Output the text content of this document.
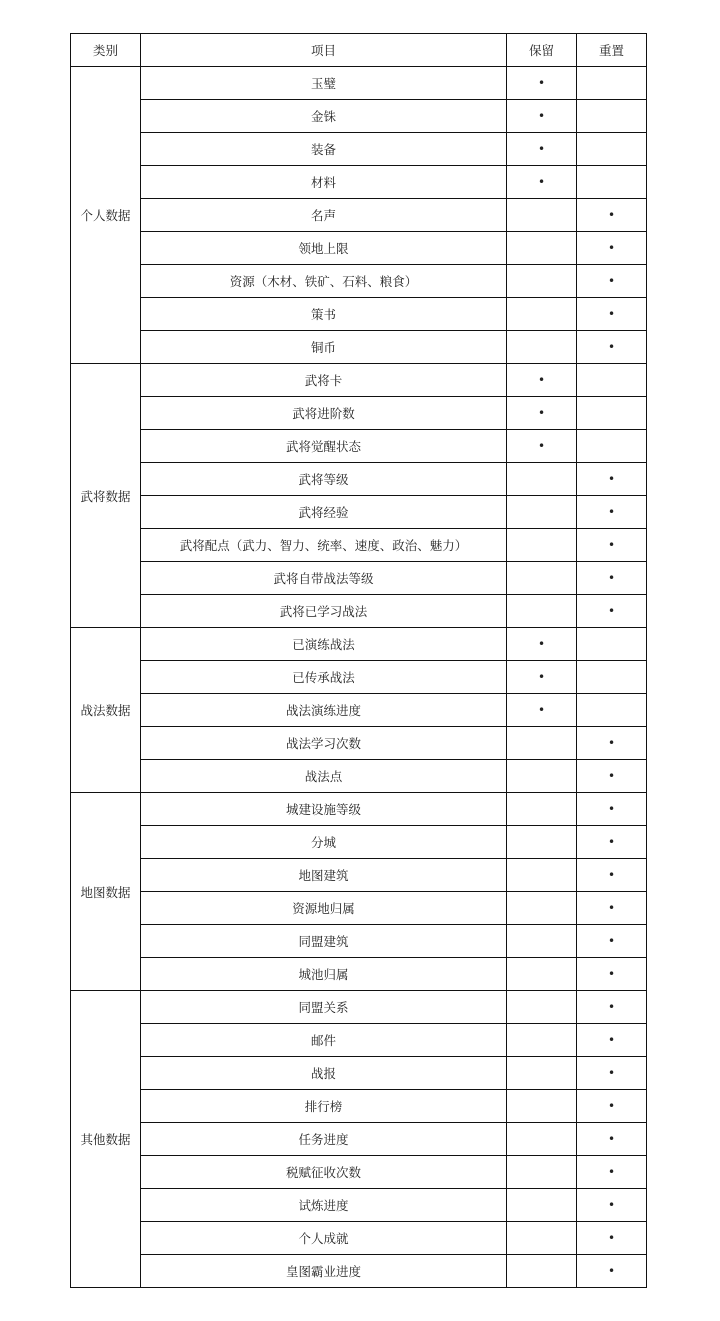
类别	项目	保留	重置
个人数据	玉璧	•	
	金铢	•	
	装备	•	
	材料	•	
	名声		•
	领地上限		•
	资源（木材、铁矿、石料、粮食）		•
	策书		•
	铜币		•
武将数据	武将卡	•	
	武将进阶数	•	
	武将觉醒状态	•	
	武将等级		•
	武将经验		•
	武将配点（武力、智力、统率、速度、政治、魅力）		•
	武将自带战法等级		•
	武将已学习战法		•
战法数据	已演练战法	•	
	已传承战法	•	
	战法演练进度	•	
	战法学习次数		•
	战法点		•
地图数据	城建设施等级		•
	分城		•
	地图建筑		•
	资源地归属		•
	同盟建筑		•
	城池归属		•
其他数据	同盟关系		•
	邮件		•
	战报		•
	排行榜		•
	任务进度		•
	税赋征收次数		•
	试炼进度		•
	个人成就		•
	皇图霸业进度		•
